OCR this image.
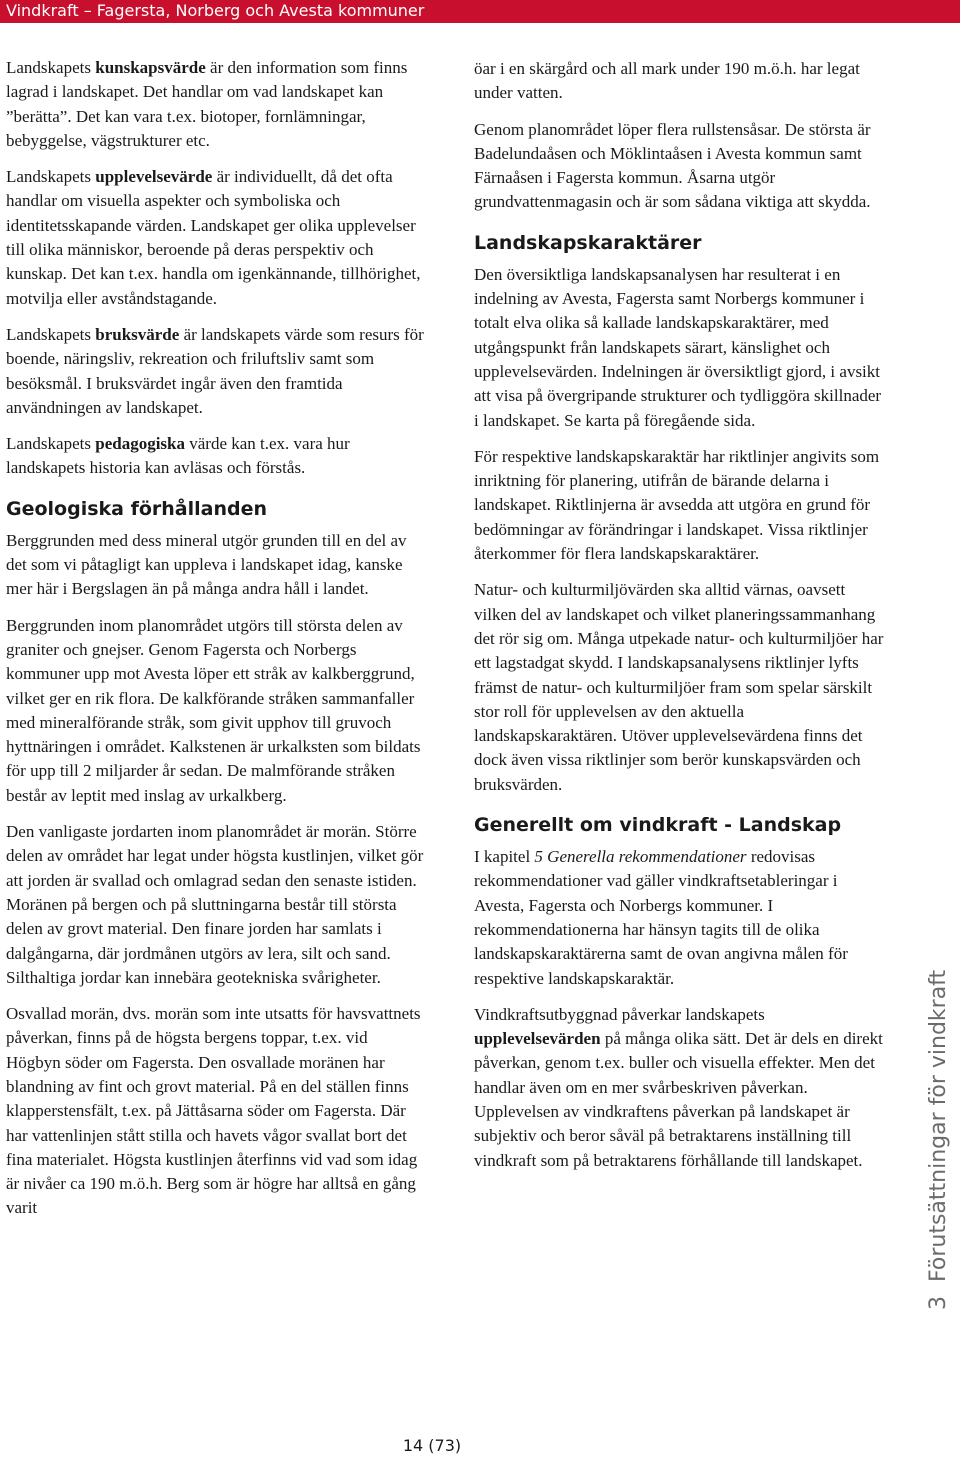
Vindkraft – Fagersta, Norberg och Avesta kommuner

Landskapets kunskapsvärde är den information som finns lagrad i landskapet. Det handlar om vad landskapet kan ”berätta”. Det kan vara t.ex. biotoper, fornlämningar, bebyggelse, vägstrukturer etc.

Landskapets upplevelsevärde är individuellt, då det ofta handlar om visuella aspekter och symboliska och identitetsskapande värden. Landskapet ger olika upplevelser till olika människor, beroende på deras perspektiv och kunskap. Det kan t.ex. handla om igenkännande, tillhörighet, motvilja eller avståndstagande.

Landskapets bruksvärde är landskapets värde som resurs för boende, näringsliv, rekreation och friluftsliv samt som besöksmål. I bruksvärdet ingår även den framtida användningen av landskapet.

Landskapets pedagogiska värde kan t.ex. vara hur landskapets historia kan avläsas och förstås.

Geologiska förhållanden

Berggrunden med dess mineral utgör grunden till en del av det som vi påtagligt kan uppleva i landskapet idag, kanske mer här i Bergslagen än på många andra håll i landet.

Berggrunden inom planområdet utgörs till största delen av graniter och gnejser. Genom Fagersta och Norbergs kommuner upp mot Avesta löper ett stråk av kalkberggrund, vilket ger en rik flora. De kalkförande stråken sammanfaller med mineralförande stråk, som givit upphov till gruvoch hyttnäringen i området. Kalkstenen är urkalksten som bildats för upp till 2 miljarder år sedan. De malmförande stråken består av leptit med inslag av urkalkberg.

Den vanligaste jordarten inom planområdet är morän. Större delen av området har legat under högsta kustlinjen, vilket gör att jorden är svallad och omlagrad sedan den senaste istiden. Moränen på bergen och på sluttningarna består till största delen av grovt material. Den finare jorden har samlats i dalgångarna, där jordmånen utgörs av lera, silt och sand. Silthaltiga jordar kan innebära geotekniska svårigheter.

Osvallad morän, dvs. morän som inte utsatts för havsvattnets påverkan, finns på de högsta bergens toppar, t.ex. vid Högbyn söder om Fagersta. Den osvallade moränen har blandning av fint och grovt material. På en del ställen finns klapperstensfält, t.ex. på Jättåsarna söder om Fagersta. Där har vattenlinjen stått stilla och havets vågor svallat bort det fina materialet. Högsta kustlinjen återfinns vid vad som idag är nivåer ca 190 m.ö.h. Berg som är högre har alltså en gång varit

öar i en skärgård och all mark under 190 m.ö.h. har legat under vatten.

Genom planområdet löper flera rullstensåsar. De största är Badelundaåsen och Möklintaåsen i Avesta kommun samt Färnaåsen i Fagersta kommun. Åsarna utgör grundvattenmagasin och är som sådana viktiga att skydda.

Landskapskaraktärer

Den översiktliga landskapsanalysen har resulterat i en indelning av Avesta, Fagersta samt Norbergs kommuner i totalt elva olika så kallade landskapskaraktärer, med utgångspunkt från landskapets särart, känslighet och upplevelsevärden. Indelningen är översiktligt gjord, i avsikt att visa på övergripande strukturer och tydliggöra skillnader i landskapet. Se karta på föregående sida.

För respektive landskapskaraktär har riktlinjer angivits som inriktning för planering, utifrån de bärande delarna i landskapet. Riktlinjerna är avsedda att utgöra en grund för bedömningar av förändringar i landskapet. Vissa riktlinjer återkommer för flera landskapskaraktärer.

Natur- och kulturmiljövärden ska alltid värnas, oavsett vilken del av landskapet och vilket planeringssammanhang det rör sig om. Många utpekade natur- och kulturmiljöer har ett lagstadgat skydd. I landskapsanalysens riktlinjer lyfts främst de natur- och kulturmiljöer fram som spelar särskilt stor roll för upplevelsen av den aktuella landskapskaraktären. Utöver upplevelsevärdena finns det dock även vissa riktlinjer som berör kunskapsvärden och bruksvärden.

Generellt om vindkraft - Landskap

I kapitel 5 Generella rekommendationer redovisas rekommendationer vad gäller vindkraftsetableringar i Avesta, Fagersta och Norbergs kommuner. I rekommendationerna har hänsyn tagits till de olika landskapskaraktärerna samt de ovan angivna målen för respektive landskapskaraktär.

Vindkraftsutbyggnad påverkar landskapets upplevelsevärden på många olika sätt. Det är dels en direkt påverkan, genom t.ex. buller och visuella effekter. Men det handlar även om en mer svårbeskriven påverkan. Upplevelsen av vindkraftens påverkan på landskapet är subjektiv och beror såväl på betraktarens inställning till vindkraft som på betraktarens förhållande till landskapet.

3Förutsättningar för vindkraft
14 (73)
